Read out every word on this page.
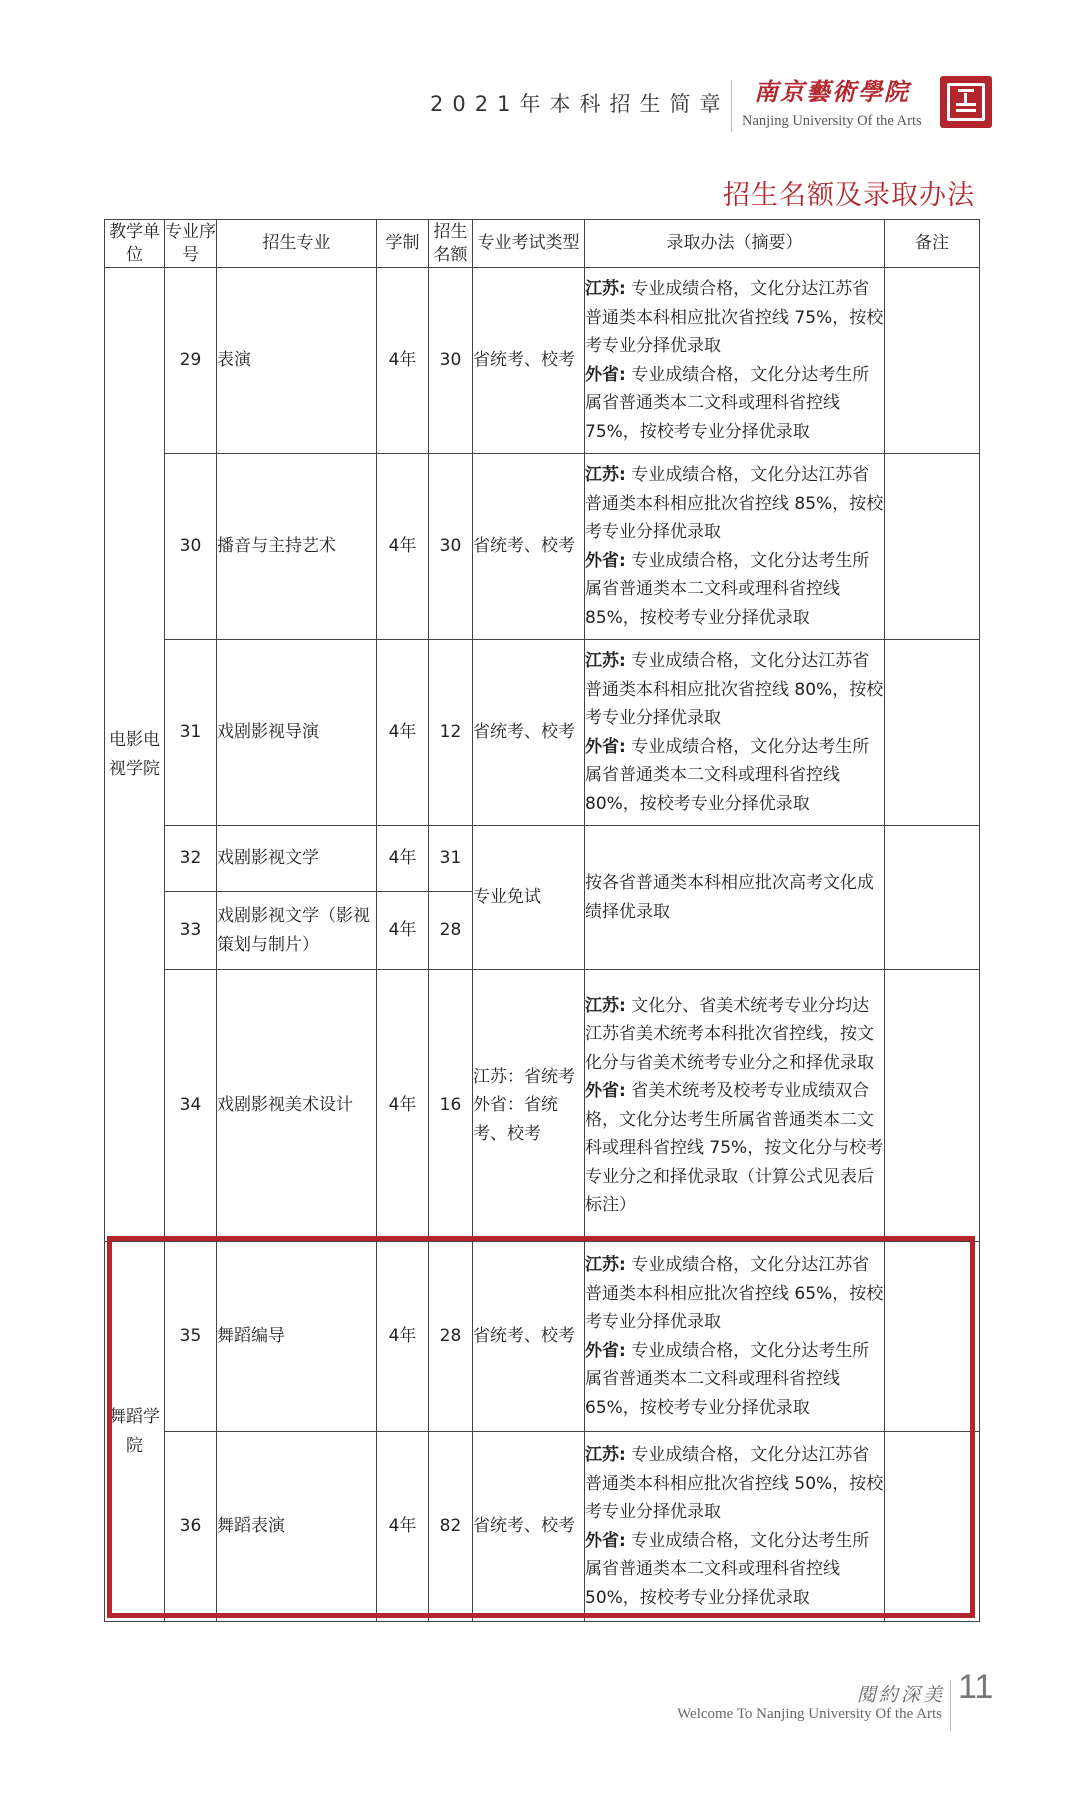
2021年本科招生简章	南京藝術學院
Nanjing University Of the Arts
招生名额及录取办法
教学单位	专业序号	招生专业	学制	招生名额	专业考试类型	录取办法（摘要）	备注
电影电视学院	29	表演	4年	30	省统考、校考	江苏: 专业成绩合格，文化分达江苏省普通类本科相应批次省控线 75%，按校考专业分择优录取
外省: 专业成绩合格，文化分达考生所属省普通类本二文科或理科省控线 75%，按校考专业分择优录取	

	30	播音与主持艺术	4年	30	省统考、校考	江苏: 专业成绩合格，文化分达江苏省普通类本科相应批次省控线 85%，按校考专业分择优录取
外省: 专业成绩合格，文化分达考生所属省普通类本二文科或理科省控线 85%，按校考专业分择优录取	

	31	戏剧影视导演	4年	12	省统考、校考	江苏: 专业成绩合格，文化分达江苏省普通类本科相应批次省控线 80%，按校考专业分择优录取
外省: 专业成绩合格，文化分达考生所属省普通类本二文科或理科省控线 80%，按校考专业分择优录取	

	32	戏剧影视文学	4年	31	专业免试	按各省普通类本科相应批次高考文化成绩择优录取	
	33	戏剧影视文学（影视策划与制片）	4年	28			
	34	戏剧影视美术设计	4年	16	江苏：省统考 外省：省统考、校考	江苏: 文化分、省美术统考专业分均达江苏省美术统考本科批次省控线，按文化分与省美术统考专业分之和择优录取
外省: 省美术统考及校考专业成绩双合格，文化分达考生所属省普通类本二文科或理科省控线 75%，按文化分与校考专业分之和择优录取（计算公式见表后标注）	

舞蹈学院	35	舞蹈编导	4年	28	省统考、校考	江苏: 专业成绩合格，文化分达江苏省普通类本科相应批次省控线 65%，按校考专业分择优录取
外省: 专业成绩合格，文化分达考生所属省普通类本二文科或理科省控线 65%，按校考专业分择优录取	

	36	舞蹈表演	4年	82	省统考、校考	江苏: 专业成绩合格，文化分达江苏省普通类本科相应批次省控线 50%，按校考专业分择优录取
外省: 专业成绩合格，文化分达考生所属省普通类本二文科或理科省控线 50%，按校考专业分择优录取	

閱約深美
Welcome To Nanjing University Of the Arts
11
